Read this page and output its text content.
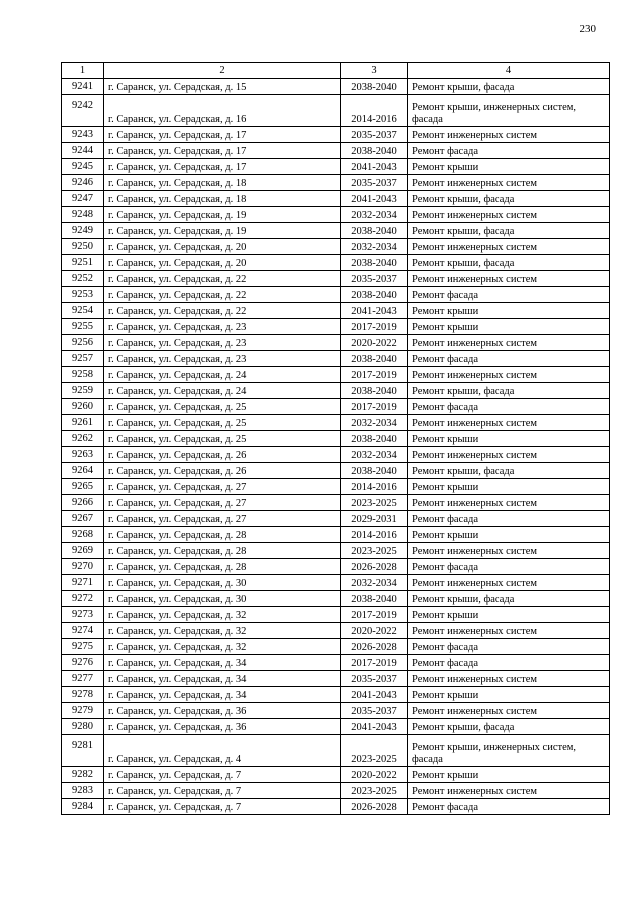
230
1	2	3	4
9241	г. Саранск, ул. Серадская, д. 15	2038-2040	Ремонт крыши, фасада
9242	г. Саранск, ул. Серадская, д. 16	2014-2016	Ремонт крыши, инженерных систем, фасада
9243	г. Саранск, ул. Серадская, д. 17	2035-2037	Ремонт инженерных систем
9244	г. Саранск, ул. Серадская, д. 17	2038-2040	Ремонт фасада
9245	г. Саранск, ул. Серадская, д. 17	2041-2043	Ремонт крыши
9246	г. Саранск, ул. Серадская, д. 18	2035-2037	Ремонт инженерных систем
9247	г. Саранск, ул. Серадская, д. 18	2041-2043	Ремонт крыши, фасада
9248	г. Саранск, ул. Серадская, д. 19	2032-2034	Ремонт инженерных систем
9249	г. Саранск, ул. Серадская, д. 19	2038-2040	Ремонт крыши, фасада
9250	г. Саранск, ул. Серадская, д. 20	2032-2034	Ремонт инженерных систем
9251	г. Саранск, ул. Серадская, д. 20	2038-2040	Ремонт крыши, фасада
9252	г. Саранск, ул. Серадская, д. 22	2035-2037	Ремонт инженерных систем
9253	г. Саранск, ул. Серадская, д. 22	2038-2040	Ремонт фасада
9254	г. Саранск, ул. Серадская, д. 22	2041-2043	Ремонт крыши
9255	г. Саранск, ул. Серадская, д. 23	2017-2019	Ремонт крыши
9256	г. Саранск, ул. Серадская, д. 23	2020-2022	Ремонт инженерных систем
9257	г. Саранск, ул. Серадская, д. 23	2038-2040	Ремонт фасада
9258	г. Саранск, ул. Серадская, д. 24	2017-2019	Ремонт инженерных систем
9259	г. Саранск, ул. Серадская, д. 24	2038-2040	Ремонт крыши, фасада
9260	г. Саранск, ул. Серадская, д. 25	2017-2019	Ремонт фасада
9261	г. Саранск, ул. Серадская, д. 25	2032-2034	Ремонт инженерных систем
9262	г. Саранск, ул. Серадская, д. 25	2038-2040	Ремонт крыши
9263	г. Саранск, ул. Серадская, д. 26	2032-2034	Ремонт инженерных систем
9264	г. Саранск, ул. Серадская, д. 26	2038-2040	Ремонт крыши, фасада
9265	г. Саранск, ул. Серадская, д. 27	2014-2016	Ремонт крыши
9266	г. Саранск, ул. Серадская, д. 27	2023-2025	Ремонт инженерных систем
9267	г. Саранск, ул. Серадская, д. 27	2029-2031	Ремонт фасада
9268	г. Саранск, ул. Серадская, д. 28	2014-2016	Ремонт крыши
9269	г. Саранск, ул. Серадская, д. 28	2023-2025	Ремонт инженерных систем
9270	г. Саранск, ул. Серадская, д. 28	2026-2028	Ремонт фасада
9271	г. Саранск, ул. Серадская, д. 30	2032-2034	Ремонт инженерных систем
9272	г. Саранск, ул. Серадская, д. 30	2038-2040	Ремонт крыши, фасада
9273	г. Саранск, ул. Серадская, д. 32	2017-2019	Ремонт крыши
9274	г. Саранск, ул. Серадская, д. 32	2020-2022	Ремонт инженерных систем
9275	г. Саранск, ул. Серадская, д. 32	2026-2028	Ремонт фасада
9276	г. Саранск, ул. Серадская, д. 34	2017-2019	Ремонт фасада
9277	г. Саранск, ул. Серадская, д. 34	2035-2037	Ремонт инженерных систем
9278	г. Саранск, ул. Серадская, д. 34	2041-2043	Ремонт крыши
9279	г. Саранск, ул. Серадская, д. 36	2035-2037	Ремонт инженерных систем
9280	г. Саранск, ул. Серадская, д. 36	2041-2043	Ремонт крыши, фасада
9281	г. Саранск, ул. Серадская, д. 4	2023-2025	Ремонт крыши, инженерных систем, фасада
9282	г. Саранск, ул. Серадская, д. 7	2020-2022	Ремонт крыши
9283	г. Саранск, ул. Серадская, д. 7	2023-2025	Ремонт инженерных систем
9284	г. Саранск, ул. Серадская, д. 7	2026-2028	Ремонт фасада
